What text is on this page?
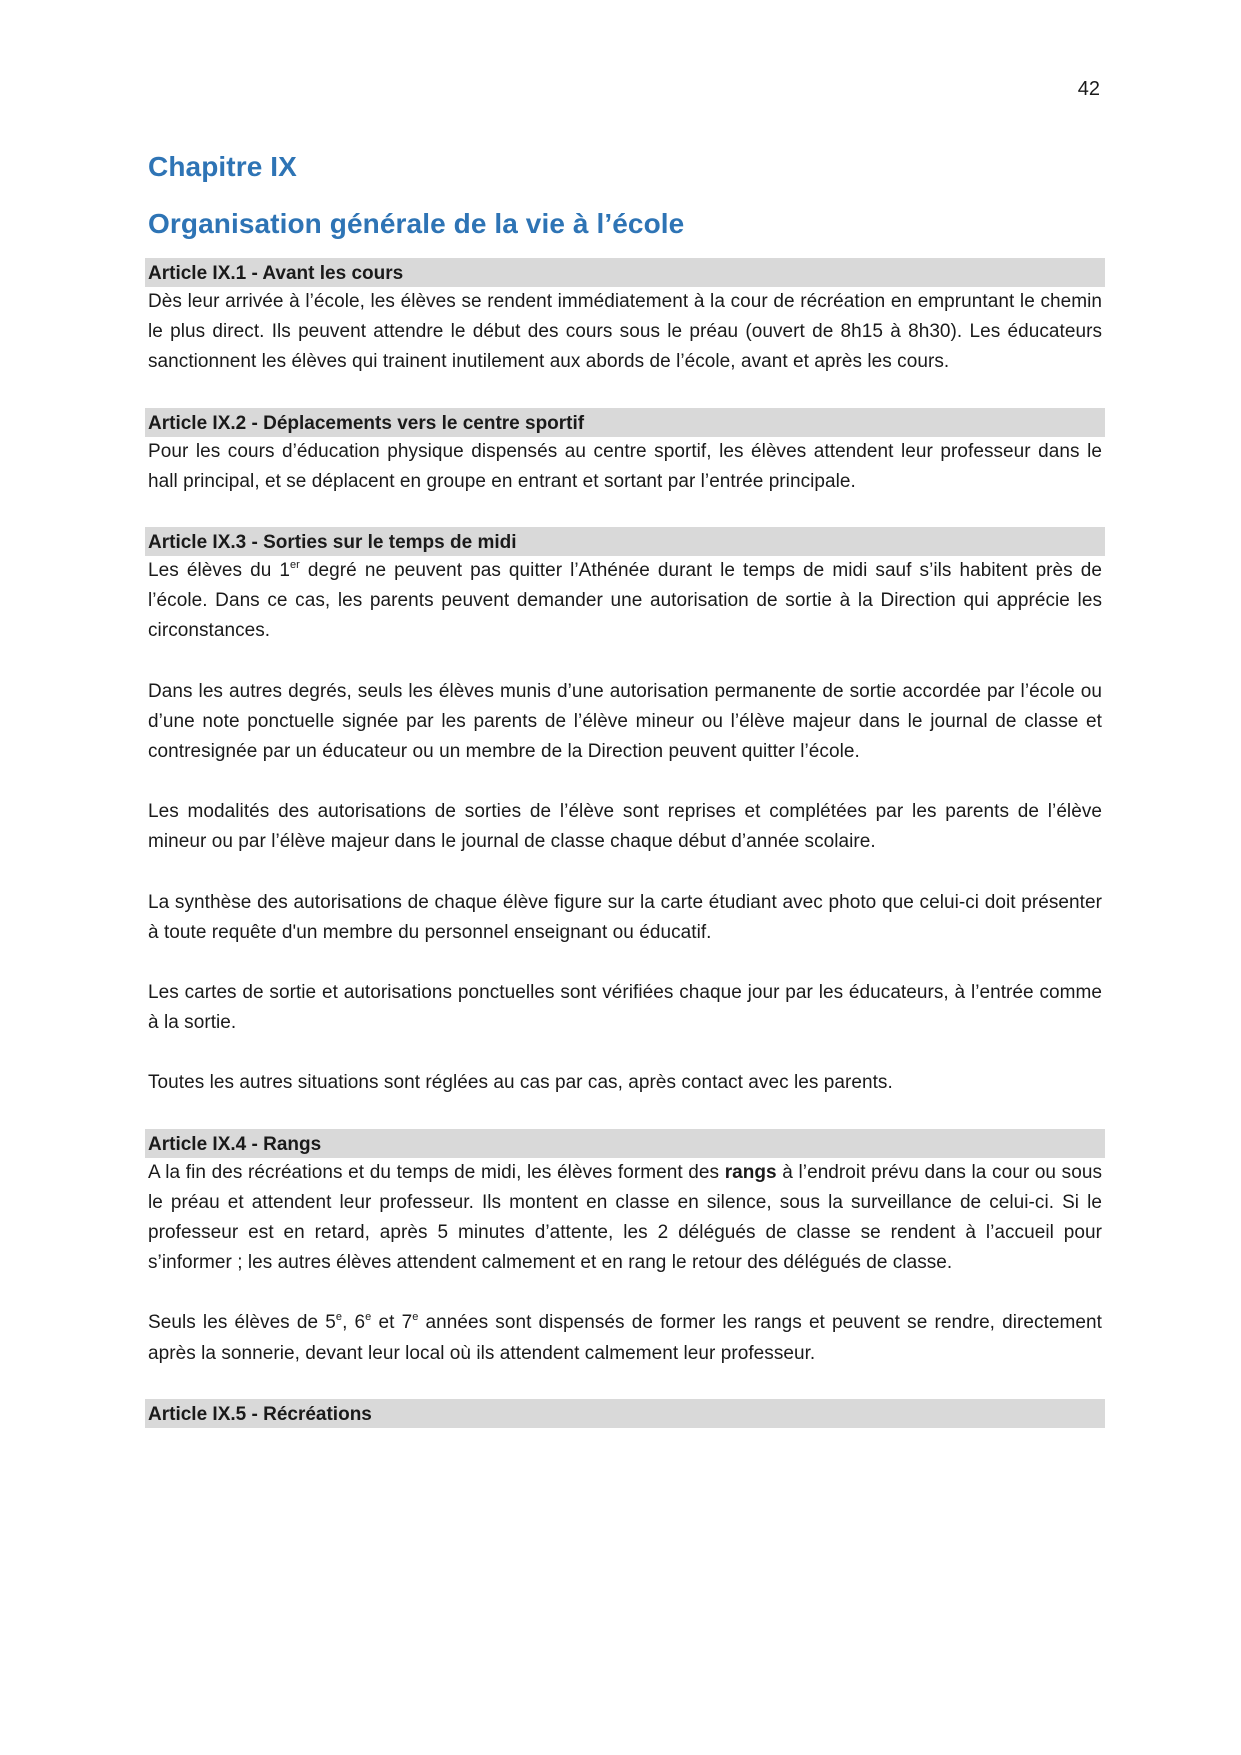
42
Chapitre IX
Organisation générale de la vie à l’école
Article IX.1 - Avant les cours

Dès leur arrivée à l’école, les élèves se rendent immédiatement à la cour de récréation en empruntant le chemin le plus direct. Ils peuvent attendre le début des cours sous le préau (ouvert de 8h15 à 8h30). Les éducateurs sanctionnent les élèves qui trainent inutilement aux abords de l’école, avant et après les cours.

Article IX.2 - Déplacements vers le centre sportif

Pour les cours d’éducation physique dispensés au centre sportif, les élèves attendent leur professeur dans le hall principal, et se déplacent en groupe en entrant et sortant par l’entrée principale.

Article IX.3 - Sorties sur le temps de midi

Les élèves du 1er degré ne peuvent pas quitter l’Athénée durant le temps de midi sauf s’ils habitent près de l’école. Dans ce cas, les parents peuvent demander une autorisation de sortie à la Direction qui apprécie les circonstances.

Dans les autres degrés, seuls les élèves munis d’une autorisation permanente de sortie accordée par l’école ou d’une note ponctuelle signée par les parents de l’élève mineur ou l’élève majeur dans le journal de classe et contresignée par un éducateur ou un membre de la Direction peuvent quitter l’école.

Les modalités des autorisations de sorties de l’élève sont reprises et complétées par les parents de l’élève mineur ou par l’élève majeur dans le journal de classe chaque début d’année scolaire.

La synthèse des autorisations de chaque élève figure sur la carte étudiant avec photo que celui-ci doit présenter à toute requête d'un membre du personnel enseignant ou éducatif.

Les cartes de sortie et autorisations ponctuelles sont vérifiées chaque jour par les éducateurs, à l’entrée comme à la sortie.

Toutes les autres situations sont réglées au cas par cas, après contact avec les parents.

Article IX.4 - Rangs

A la fin des récréations et du temps de midi, les élèves forment des rangs à l’endroit prévu dans la cour ou sous le préau et attendent leur professeur. Ils montent en classe en silence, sous la surveillance de celui-ci. Si le professeur est en retard, après 5 minutes d’attente, les 2 délégués de classe se rendent à l’accueil pour s’informer ; les autres élèves attendent calmement et en rang le retour des délégués de classe.

Seuls les élèves de 5e, 6e et 7e années sont dispensés de former les rangs et peuvent se rendre, directement après la sonnerie, devant leur local où ils attendent calmement leur professeur.

Article IX.5 - Récréations
